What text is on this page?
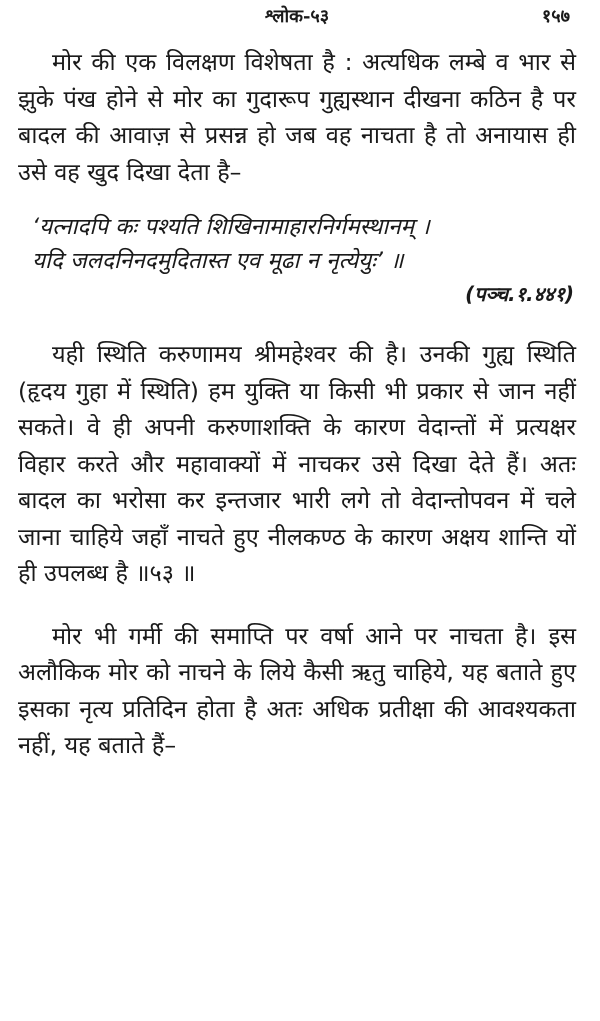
श्लोक-५३	१५७

मोर की एक विलक्षण विशेषता है : अत्यधिक लम्बे व भार से झुके पंख होने से मोर का गुदारूप गुह्यस्थान दीखना कठिन है पर बादल की आवाज़ से प्रसन्न हो जब वह नाचता है तो अनायास ही उसे वह खुद दिखा देता है–

‘यत्नादपि कः पश्यति शिखिनामाहारनिर्गमस्थानम् ।
यदि जलदनिनदमुदितास्त एव मूढा न नृत्येयुः’ ॥
(पञ्च.१.४४१)

यही स्थिति करुणामय श्रीमहेश्वर की है। उनकी गुह्य स्थिति (हृदय गुहा में स्थिति) हम युक्ति या किसी भी प्रकार से जान नहीं सकते। वे ही अपनी करुणाशक्ति के कारण वेदान्तों में प्रत्यक्षर विहार करते और महावाक्यों में नाचकर उसे दिखा देते हैं। अतः बादल का भरोसा कर इन्तजार भारी लगे तो वेदान्तोपवन में चले जाना चाहिये जहाँ नाचते हुए नीलकण्ठ के कारण अक्षय शान्ति यों ही उपलब्ध है ॥५३ ॥

मोर भी गर्मी की समाप्ति पर वर्षा आने पर नाचता है। इस अलौकिक मोर को नाचने के लिये कैसी ऋतु चाहिये, यह बताते हुए इसका नृत्य प्रतिदिन होता है अतः अधिक प्रतीक्षा की आवश्यकता नहीं, यह बताते हैं–
